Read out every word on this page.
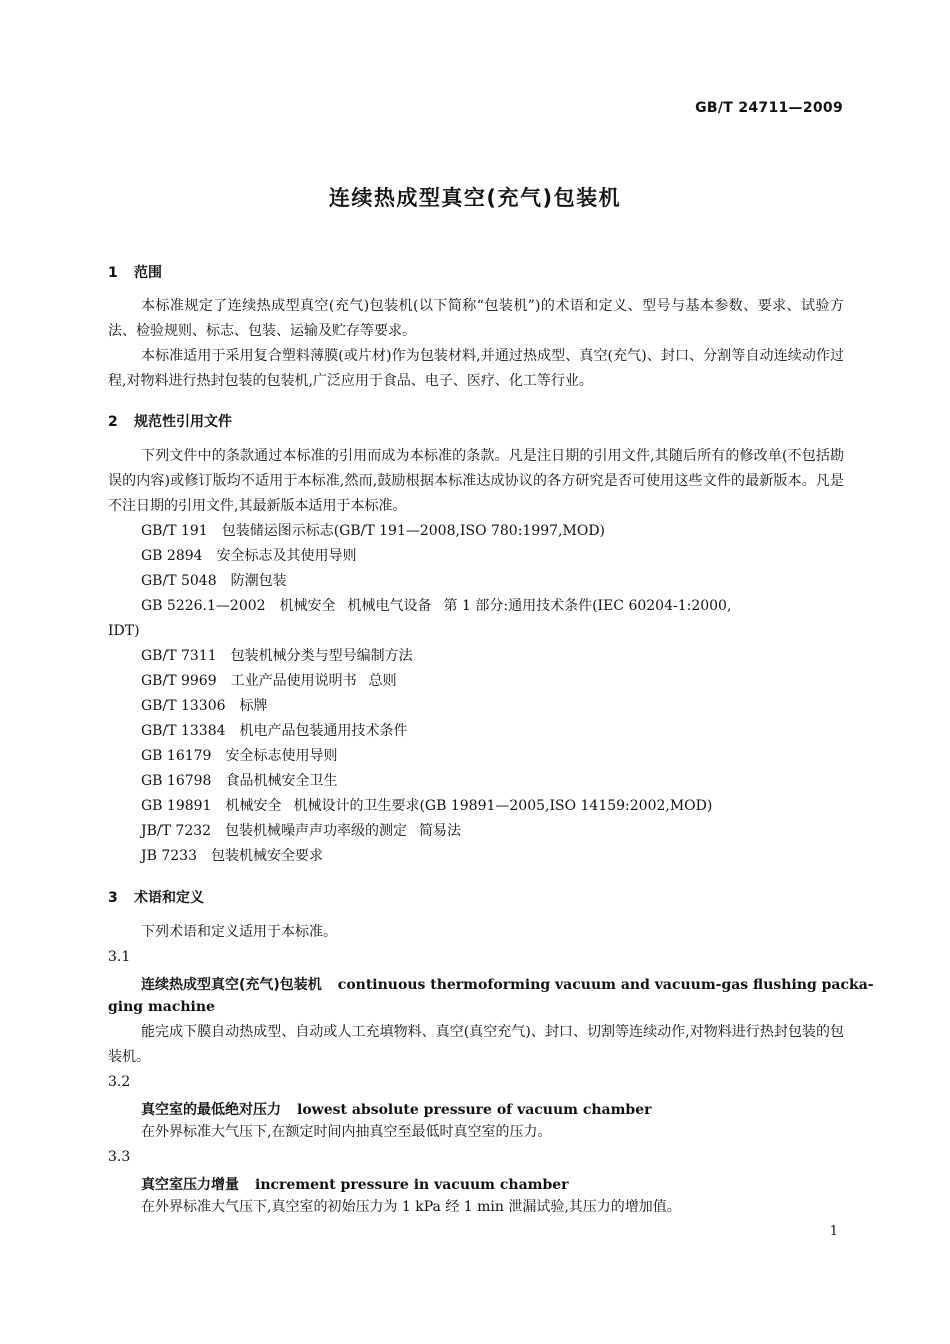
GB/T 24711—2009
连续热成型真空(充气)包装机
1 范围
本标准规定了连续热成型真空(充气)包装机(以下简称“包装机”)的术语和定义、型号与基本参数、要求、试验方法、检验规则、标志、包装、运输及贮存等要求。
本标准适用于采用复合塑料薄膜(或片材)作为包装材料,并通过热成型、真空(充气)、封口、分割等自动连续动作过程,对物料进行热封包装的包装机,广泛应用于食品、电子、医疗、化工等行业。
2 规范性引用文件
下列文件中的条款通过本标准的引用而成为本标准的条款。凡是注日期的引用文件,其随后所有的修改单(不包括勘误的内容)或修订版均不适用于本标准,然而,鼓励根据本标准达成协议的各方研究是否可使用这些文件的最新版本。凡是不注日期的引用文件,其最新版本适用于本标准。
GB/T 191 包装储运图示标志(GB/T 191—2008,ISO 780:1997,MOD)
GB 2894 安全标志及其使用导则
GB/T 5048 防潮包装
GB 5226.1—2002 机械安全 机械电气设备 第 1 部分:通用技术条件(IEC 60204-1:2000,
IDT)
GB/T 7311 包装机械分类与型号编制方法
GB/T 9969 工业产品使用说明书 总则
GB/T 13306 标牌
GB/T 13384 机电产品包装通用技术条件
GB 16179 安全标志使用导则
GB 16798 食品机械安全卫生
GB 19891 机械安全 机械设计的卫生要求(GB 19891—2005,ISO 14159:2002,MOD)
JB/T 7232 包装机械噪声声功率级的测定 简易法
JB 7233 包装机械安全要求
3 术语和定义
下列术语和定义适用于本标准。
3.1
连续热成型真空(充气)包装机 continuous thermoforming vacuum and vacuum-gas flushing packa-
ging machine
能完成下膜自动热成型、自动或人工充填物料、真空(真空充气)、封口、切割等连续动作,对物料进行热封包装的包装机。
3.2
真空室的最低绝对压力 lowest absolute pressure of vacuum chamber
在外界标准大气压下,在额定时间内抽真空至最低时真空室的压力。
3.3
真空室压力增量 increment pressure in vacuum chamber
在外界标准大气压下,真空室的初始压力为 1 kPa 经 1 min 泄漏试验,其压力的增加值。
1
